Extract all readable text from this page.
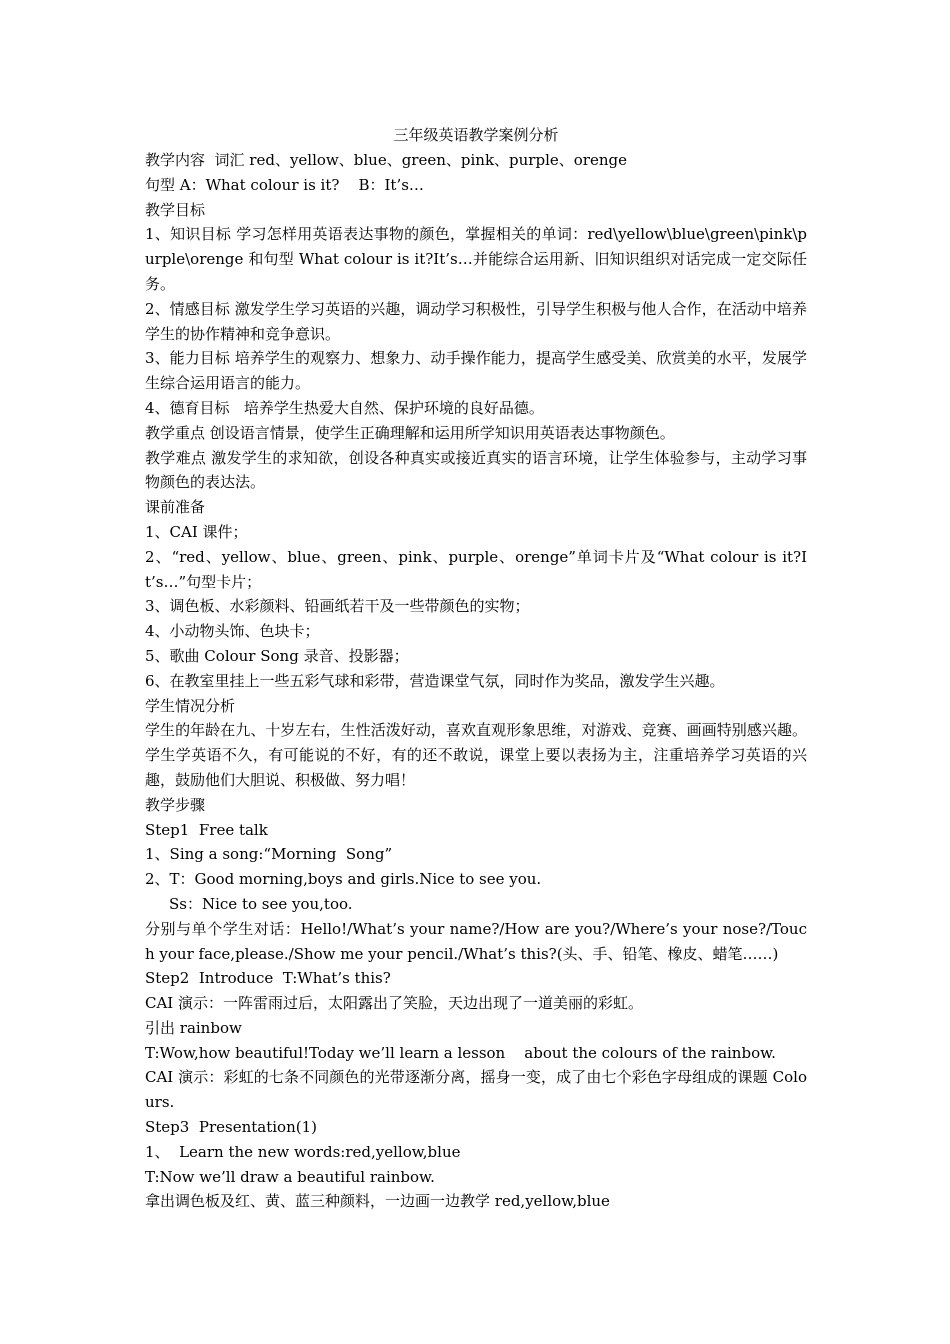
三年级英语教学案例分析

教学内容  词汇 red、yellow、blue、green、pink、purple、orenge

句型 A：What colour is it?    B：It’s…

教学目标

1、知识目标 学习怎样用英语表达事物的颜色，掌握相关的单词：red\yellow\blue\green\pink\purple\orenge 和句型 What colour is it?It’s…并能综合运用新、旧知识组织对话完成一定交际任务。

2、情感目标 激发学生学习英语的兴趣，调动学习积极性，引导学生积极与他人合作，在活动中培养学生的协作精神和竞争意识。

3、能力目标 培养学生的观察力、想象力、动手操作能力，提高学生感受美、欣赏美的水平，发展学生综合运用语言的能力。

4、德育目标   培养学生热爱大自然、保护环境的良好品德。

教学重点 创设语言情景，使学生正确理解和运用所学知识用英语表达事物颜色。

教学难点 激发学生的求知欲，创设各种真实或接近真实的语言环境，让学生体验参与，主动学习事物颜色的表达法。

课前准备

1、CAI 课件；

2、“red、yellow、blue、green、pink、purple、orenge”单词卡片及“What colour is it?It’s…”句型卡片；

3、调色板、水彩颜料、铅画纸若干及一些带颜色的实物；

4、小动物头饰、色块卡；

5、歌曲 Colour Song 录音、投影器；

6、在教室里挂上一些五彩气球和彩带，营造课堂气氛，同时作为奖品，激发学生兴趣。

学生情况分析

学生的年龄在九、十岁左右，生性活泼好动，喜欢直观形象思维，对游戏、竞赛、画画特别感兴趣。学生学英语不久，有可能说的不好，有的还不敢说，课堂上要以表扬为主，注重培养学习英语的兴趣，鼓励他们大胆说、积极做、努力唱！

教学步骤

Step1  Free talk

1、Sing a song:“Morning  Song”

2、T：Good morning,boys and girls.Nice to see you.

Ss：Nice to see you,too.

分别与单个学生对话：Hello!/What’s your name?/How are you?/Where’s your nose?/Touch your face,please./Show me your pencil./What’s this?(头、手、铅笔、橡皮、蜡笔……)

Step2  Introduce  T:What’s this?

CAI 演示：一阵雷雨过后，太阳露出了笑脸，天边出现了一道美丽的彩虹。

引出 rainbow

T:Wow,how beautiful!Today we’ll learn a lesson    about the colours of the rainbow.

CAI 演示：彩虹的七条不同颜色的光带逐渐分离，摇身一变，成了由七个彩色字母组成的课题 Colours.

Step3  Presentation(1)

1、  Learn the new words:red,yellow,blue

T:Now we’ll draw a beautiful rainbow.

拿出调色板及红、黄、蓝三种颜料，一边画一边教学 red,yellow,blue
